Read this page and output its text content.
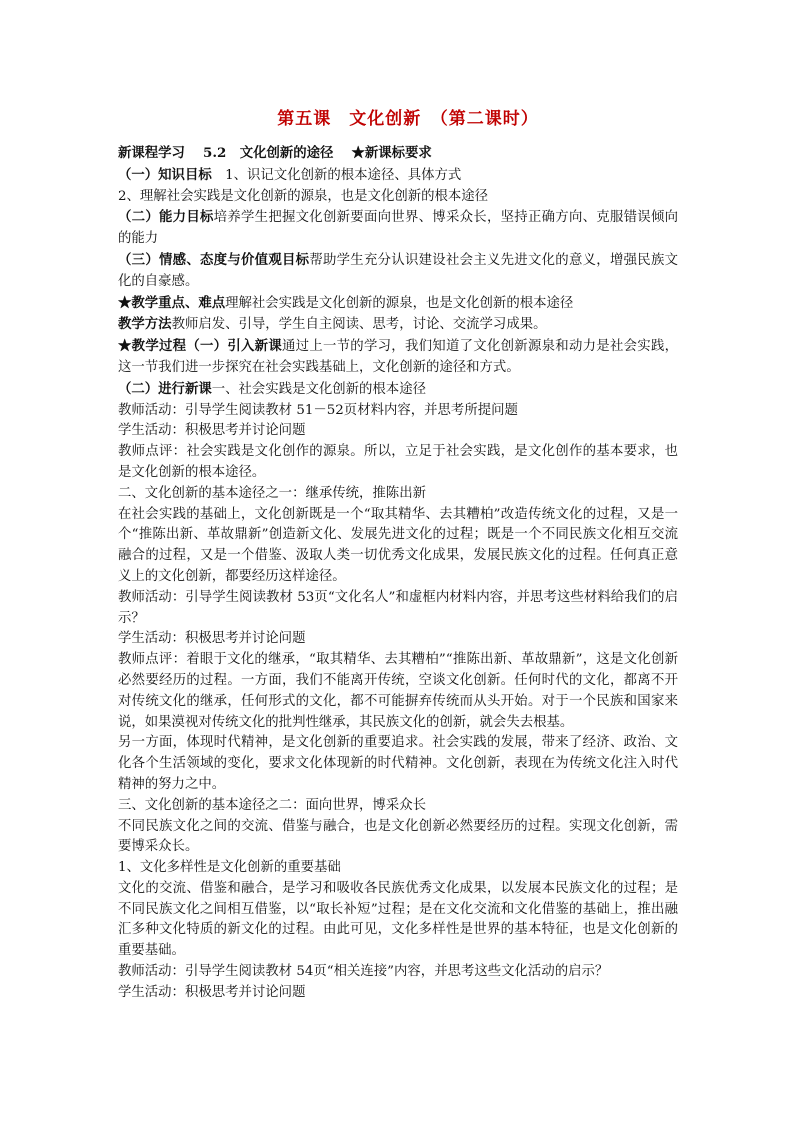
第五课　文化创新　（第二课时）

新课程学习　 5.2　文化创新的途径　 ★新课标要求

（一）知识目标　1、识记文化创新的根本途径、具体方式

2、理解社会实践是文化创新的源泉，也是文化创新的根本途径

（二）能力目标培养学生把握文化创新要面向世界、博采众长，坚持正确方向、克服错误倾向的能力

（三）情感、态度与价值观目标帮助学生充分认识建设社会主义先进文化的意义，增强民族文化的自豪感。

★教学重点、难点理解社会实践是文化创新的源泉，也是文化创新的根本途径

教学方法教师启发、引导，学生自主阅读、思考，讨论、交流学习成果。

★教学过程（一）引入新课通过上一节的学习，我们知道了文化创新源泉和动力是社会实践，这一节我们进一步探究在社会实践基础上，文化创新的途径和方式。

（二）进行新课一、社会实践是文化创新的根本途径

教师活动：引导学生阅读教材 51－52页材料内容，并思考所提问题

学生活动：积极思考并讨论问题

教师点评：社会实践是文化创作的源泉。所以，立足于社会实践，是文化创作的基本要求，也是文化创新的根本途径。

二、文化创新的基本途径之一：继承传统，推陈出新

在社会实践的基础上，文化创新既是一个“取其精华、去其糟柏”改造传统文化的过程，又是一个“推陈出新、革故鼎新”创造新文化、发展先进文化的过程；既是一个不同民族文化相互交流融合的过程，又是一个借鉴、汲取人类一切优秀文化成果，发展民族文化的过程。任何真正意义上的文化创新，都要经历这样途径。

教师活动：引导学生阅读教材 53页“文化名人”和虚框内材料内容，并思考这些材料给我们的启示？

学生活动：积极思考并讨论问题

教师点评：着眼于文化的继承，“取其精华、去其糟柏”“推陈出新、革故鼎新”，这是文化创新必然要经历的过程。一方面，我们不能离开传统，空谈文化创新。任何时代的文化，都离不开对传统文化的继承，任何形式的文化，都不可能摒弃传统而从头开始。对于一个民族和国家来说，如果漠视对传统文化的批判性继承，其民族文化的创新，就会失去根基。

另一方面，体现时代精神，是文化创新的重要追求。社会实践的发展，带来了经济、政治、文化各个生活领域的变化，要求文化体现新的时代精神。文化创新，表现在为传统文化注入时代精神的努力之中。

三、文化创新的基本途径之二：面向世界，博采众长

不同民族文化之间的交流、借鉴与融合，也是文化创新必然要经历的过程。实现文化创新，需要博采众长。

1、文化多样性是文化创新的重要基础

文化的交流、借鉴和融合，是学习和吸收各民族优秀文化成果，以发展本民族文化的过程；是不同民族文化之间相互借鉴，以“取长补短”过程；是在文化交流和文化借鉴的基础上，推出融汇多种文化特质的新文化的过程。由此可见，文化多样性是世界的基本特征，也是文化创新的重要基础。

教师活动：引导学生阅读教材 54页“相关连接”内容，并思考这些文化活动的启示？

学生活动：积极思考并讨论问题
